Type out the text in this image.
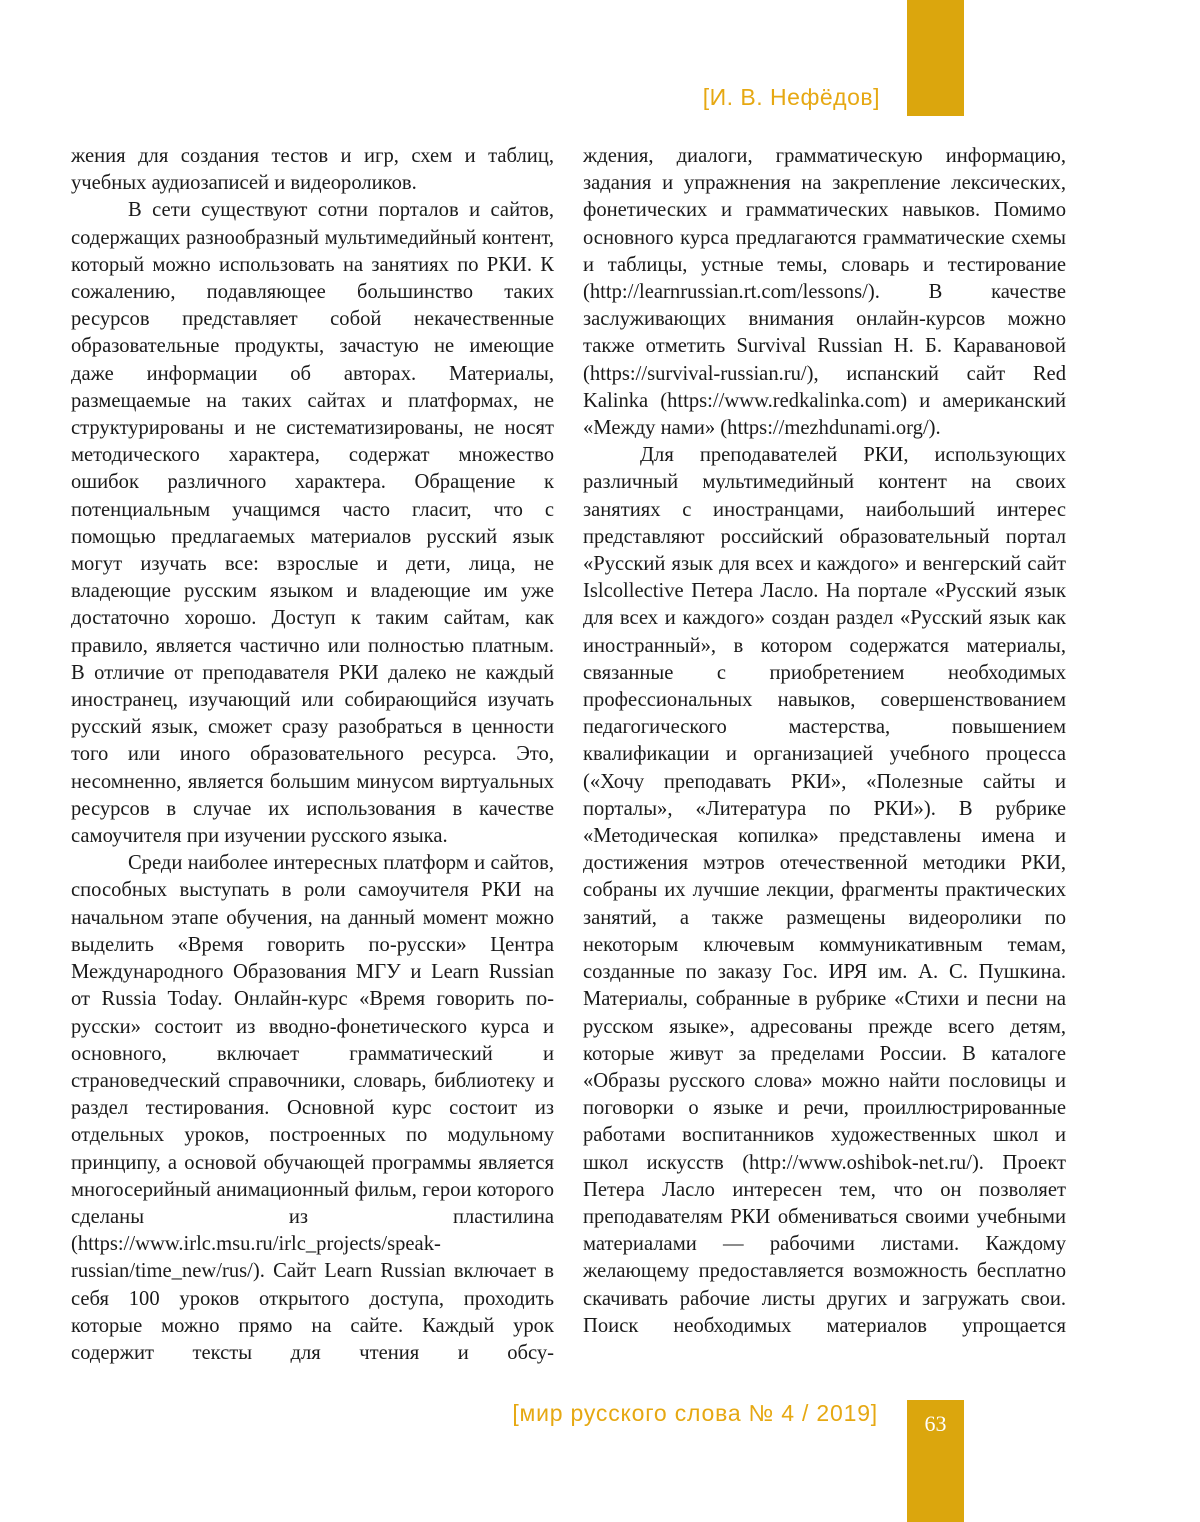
[И. В. Нефёдов]

жения для создания тестов и игр, схем и таблиц, учебных аудиозаписей и видеороликов.

В сети существуют сотни порталов и сайтов, содержащих разнообразный мультимедийный контент, который можно использовать на занятиях по РКИ. К сожалению, подавляющее большинство таких ресурсов представляет собой некачественные образовательные продукты, зачастую не имеющие даже информации об авторах. Материалы, размещаемые на таких сайтах и платформах, не структурированы и не систематизированы, не носят методического характера, содержат множество ошибок различного характера. Обращение к потенциальным учащимся часто гласит, что с помощью предлагаемых материалов русский язык могут изучать все: взрослые и дети, лица, не владеющие русским языком и владеющие им уже достаточно хорошо. Доступ к таким сайтам, как правило, является частично или полностью платным. В отличие от преподавателя РКИ далеко не каждый иностранец, изучающий или собирающийся изучать русский язык, сможет сразу разобраться в ценности того или иного образовательного ресурса. Это, несомненно, является большим минусом виртуальных ресурсов в случае их использования в качестве самоучителя при изучении русского языка.

Среди наиболее интересных платформ и сайтов, способных выступать в роли самоучителя РКИ на начальном этапе обучения, на данный момент можно выделить «Время говорить по-русски» Центра Международного Образования МГУ и Learn Russian от Russia Today. Онлайн-курс «Время говорить по-русски» состоит из вводно-фонетического курса и основного, включает грамматический и страноведческий справочники, словарь, библиотеку и раздел тестирования. Основной курс состоит из отдельных уроков, построенных по модульному принципу, а основой обучающей программы является многосерийный анимационный фильм, герои которого сделаны из пластилина (https://www.irlc.msu.ru/irlc_projects/speak-russian/time_new/rus/). Сайт Learn Russian включает в себя 100 уроков открытого доступа, проходить которые можно прямо на сайте. Каждый урок содержит тексты для чтения и обсу-

ждения, диалоги, грамматическую информацию, задания и упражнения на закрепление лексических, фонетических и грамматических навыков. Помимо основного курса предлагаются грамматические схемы и таблицы, устные темы, словарь и тестирование (http://learnrussian.rt.com/lessons/). В качестве заслуживающих внимания онлайн-курсов можно также отметить Survival Russian Н. Б. Каравановой (https://survival-russian.ru/), испанский сайт Red Kalinka (https://www.redkalinka.com) и американский «Между нами» (https://mezhdunami.org/).

Для преподавателей РКИ, использующих различный мультимедийный контент на своих занятиях с иностранцами, наибольший интерес представляют российский образовательный портал «Русский язык для всех и каждого» и венгерский сайт Islcollective Петера Ласло. На портале «Русский язык для всех и каждого» создан раздел «Русский язык как иностранный», в котором содержатся материалы, связанные с приобретением необходимых профессиональных навыков, совершенствованием педагогического мастерства, повышением квалификации и организацией учебного процесса («Хочу преподавать РКИ», «Полезные сайты и порталы», «Литература по РКИ»). В рубрике «Методическая копилка» представлены имена и достижения мэтров отечественной методики РКИ, собраны их лучшие лекции, фрагменты практических занятий, а также размещены видеоролики по некоторым ключевым коммуникативным темам, созданные по заказу Гос. ИРЯ им. А. С. Пушкина. Материалы, собранные в рубрике «Стихи и песни на русском языке», адресованы прежде всего детям, которые живут за пределами России. В каталоге «Образы русского слова» можно найти пословицы и поговорки о языке и речи, проиллюстрированные работами воспитанников художественных школ и школ искусств (http://www.oshibok-net.ru/). Проект Петера Ласло интересен тем, что он позволяет преподавателям РКИ обмениваться своими учебными материалами — рабочими листами. Каждому желающему предоставляется возможность бесплатно скачивать рабочие листы других и загружать свои. Поиск необходимых материалов упрощается

[мир русского слова № 4 / 2019]	63
